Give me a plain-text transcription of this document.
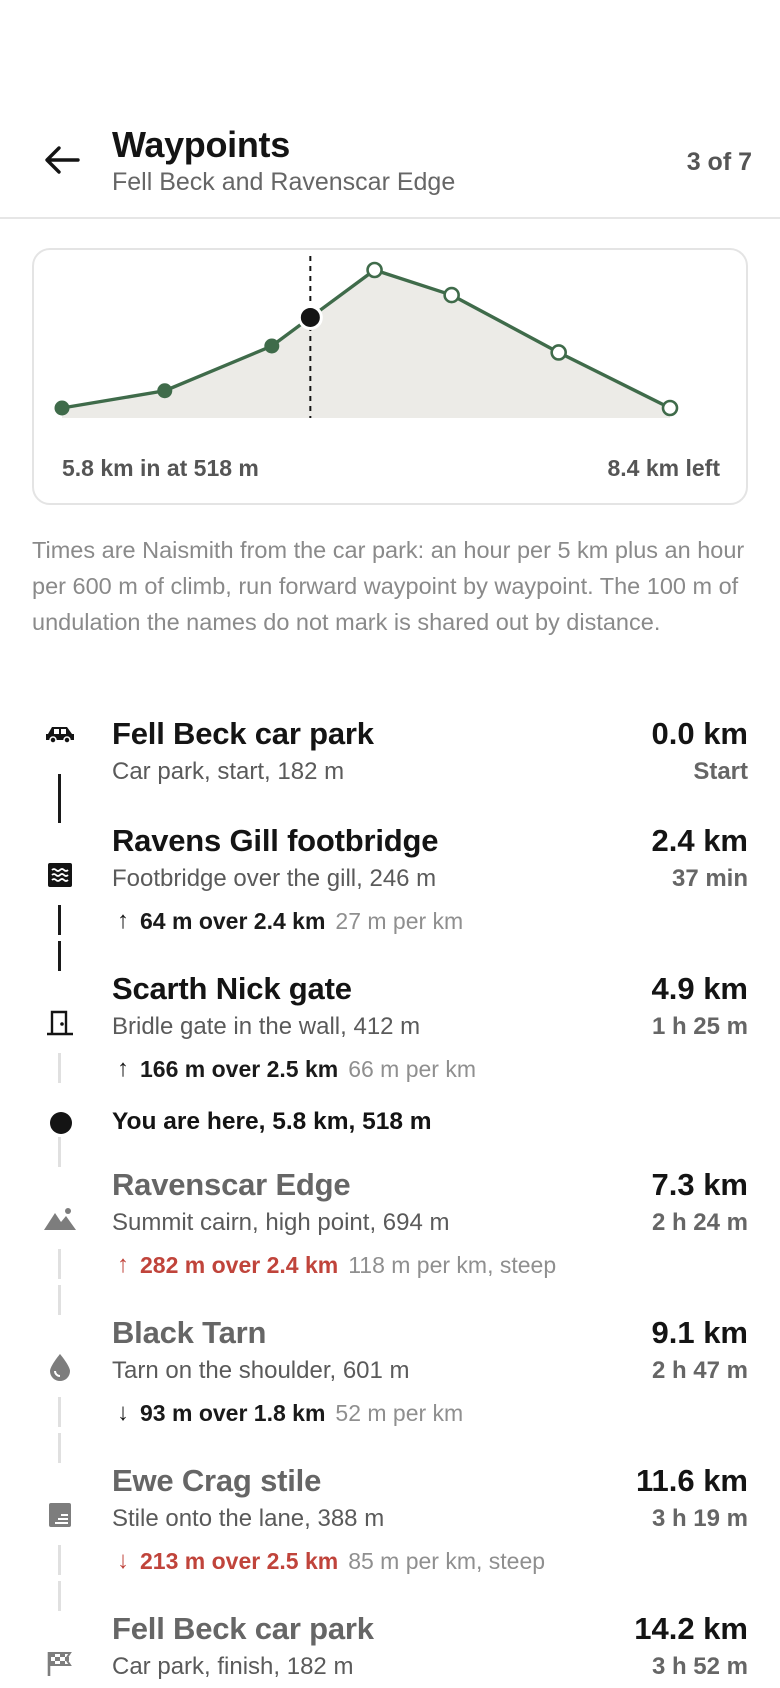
Waypoints
Fell Beck and Ravenscar Edge
3 of 7
5.8 km in at 518 m	8.4 km left
Times are Naismith from the car park: an hour per 5 km plus an hour per 600 m of climb, run forward waypoint by waypoint. The 100 m of undulation the names do not mark is shared out by distance.
Fell Beck car park
Car park, start, 182 m
0.0 km
Start
Ravens Gill footbridge
Footbridge over the gill, 246 m
2.4 km
37 min
↑ 64 m over 2.4 km 27 m per km
Scarth Nick gate
Bridle gate in the wall, 412 m
4.9 km
1 h 25 m
↑ 166 m over 2.5 km 66 m per km
Ravenscar Edge
Summit cairn, high point, 694 m
7.3 km
2 h 24 m
↑ 282 m over 2.4 km 118 m per km, steep
Black Tarn
Tarn on the shoulder, 601 m
9.1 km
2 h 47 m
↓ 93 m over 1.8 km 52 m per km
Ewe Crag stile
Stile onto the lane, 388 m
11.6 km
3 h 19 m
↓ 213 m over 2.5 km 85 m per km, steep
Fell Beck car park
Car park, finish, 182 m
14.2 km
3 h 52 m
You are here, 5.8 km, 518 m
